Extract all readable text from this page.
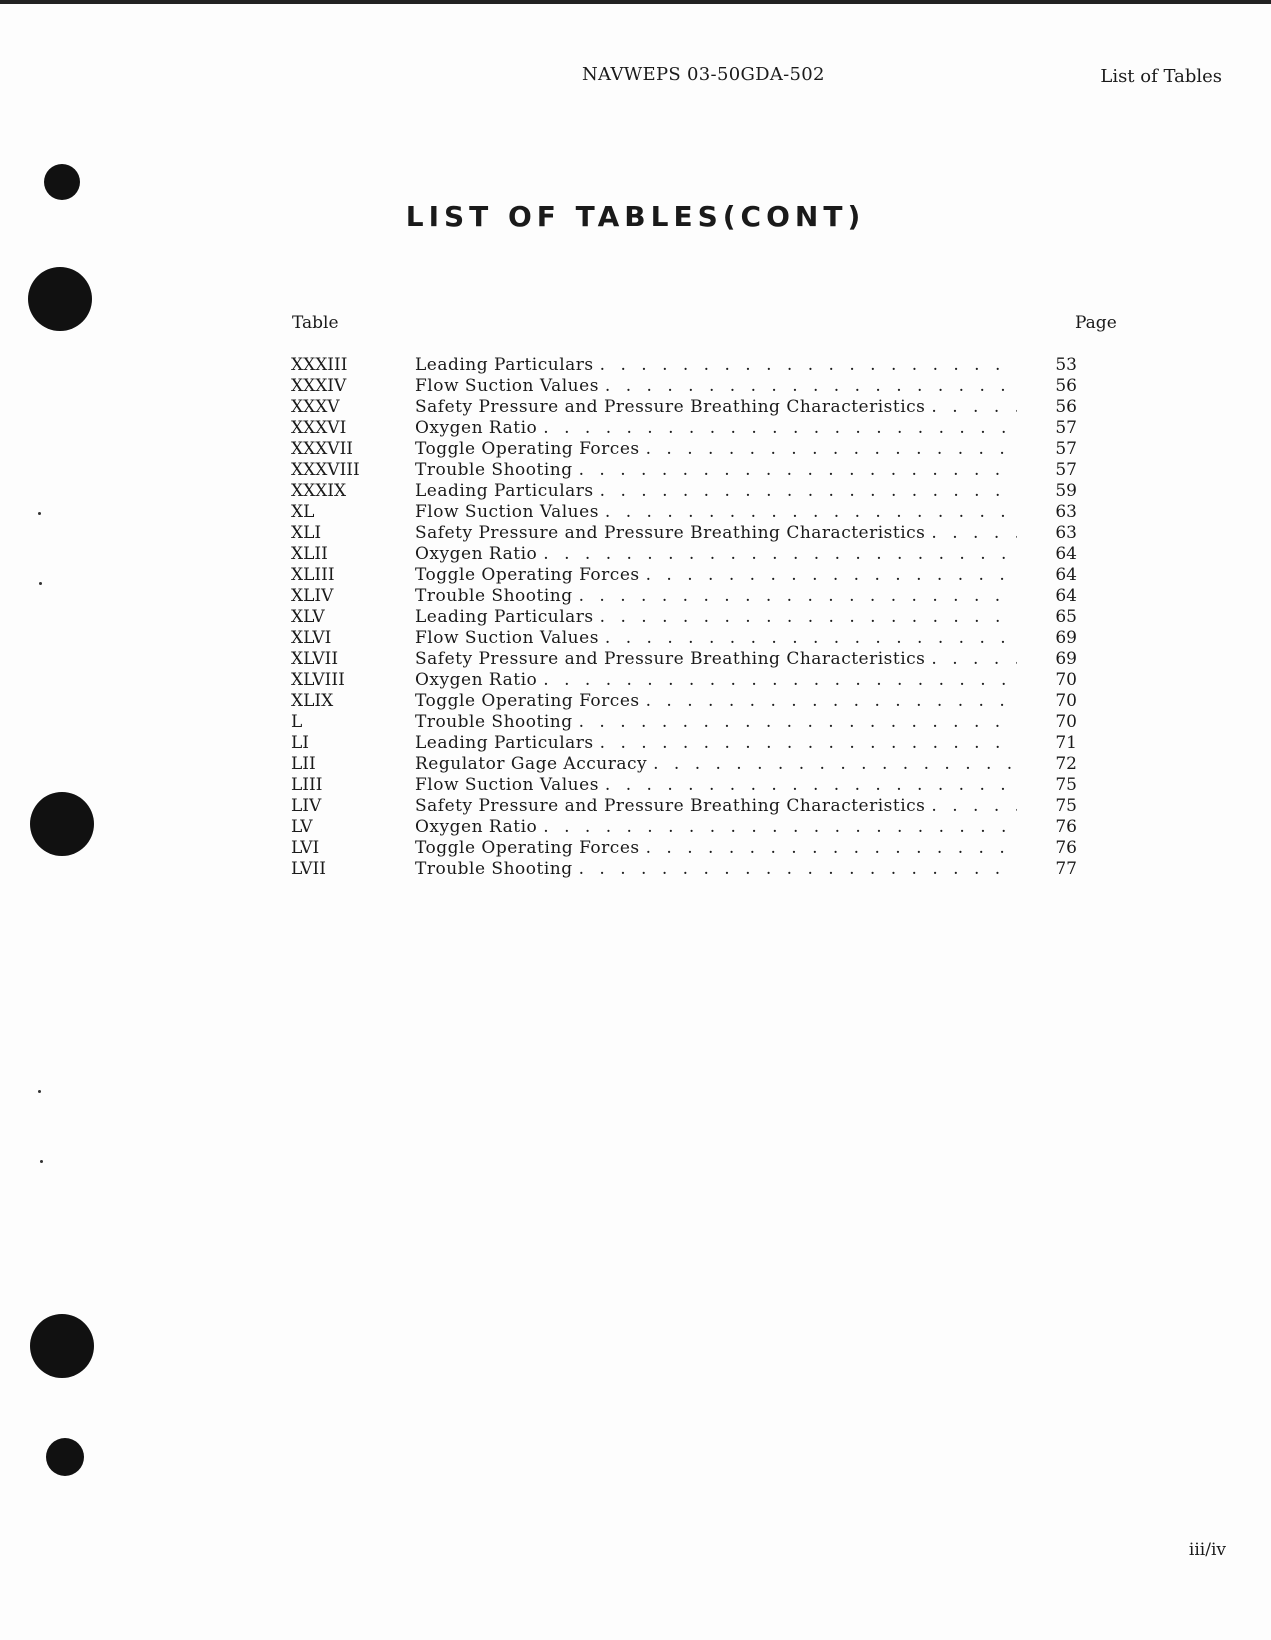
NAVWEPS 03-50GDA-502	List of Tables
LIST OF TABLES(CONT)
Table	Page
XXXIII	Leading Particulars . . .	53
XXXIV	Flow Suction Values . . .	56
XXXV	Safety Pressure and Pressure Breathing Characteristics . . .	56
XXXVI	Oxygen Ratio . . .	57
XXXVII	Toggle Operating Forces . . .	57
XXXVIII	Trouble Shooting . . .	57
XXXIX	Leading Particulars . . .	59
XL	Flow Suction Values . . .	63
XLI	Safety Pressure and Pressure Breathing Characteristics . . .	63
XLII	Oxygen Ratio . . .	64
XLIII	Toggle Operating Forces . . .	64
XLIV	Trouble Shooting . . .	64
XLV	Leading Particulars . . .	65
XLVI	Flow Suction Values . . .	69
XLVII	Safety Pressure and Pressure Breathing Characteristics . . .	69
XLVIII	Oxygen Ratio . . .	70
XLIX	Toggle Operating Forces . . .	70
L	Trouble Shooting . . .	70
LI	Leading Particulars . . .	71
LII	Regulator Gage Accuracy . . .	72
LIII	Flow Suction Values . . .	75
LIV	Safety Pressure and Pressure Breathing Characteristics . . .	75
LV	Oxygen Ratio . . .	76
LVI	Toggle Operating Forces . . .	76
LVII	Trouble Shooting . . .	77
iii/iv
